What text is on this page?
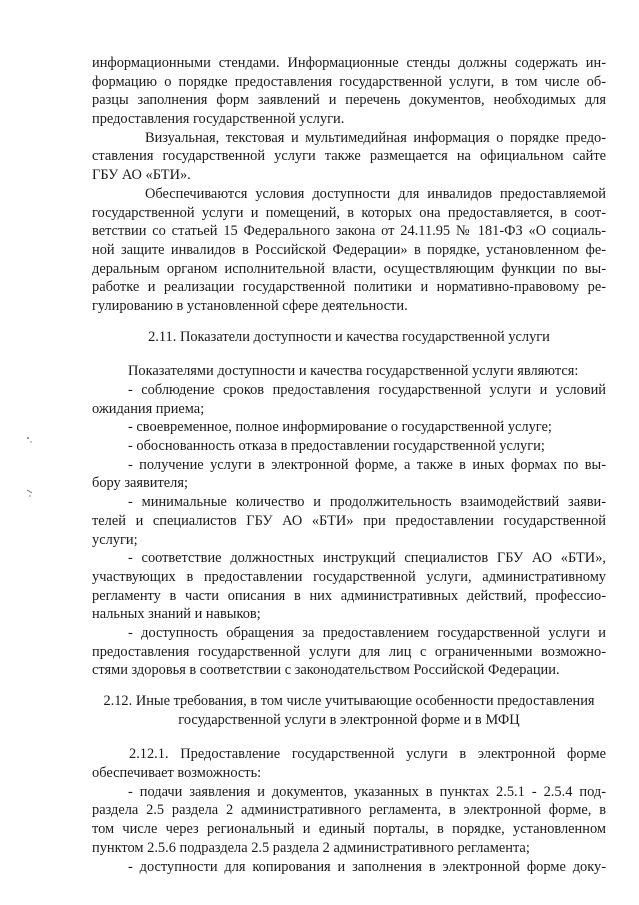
информационными стендами. Информационные стенды должны содержать ин-
формацию о порядке предоставления государственной услуги, в том числе об-
разцы заполнения форм заявлений и перечень документов, необходимых для
предоставления государственной услуги.
Визуальная, текстовая и мультимедийная информация о порядке предо-
ставления государственной услуги также размещается на официальном сайте
ГБУ АО «БТИ».
Обеспечиваются условия доступности для инвалидов предоставляемой
государственной услуги и помещений, в которых она предоставляется, в соот-
ветствии со статьей 15 Федерального закона от 24.11.95 № 181-ФЗ «О социаль-
ной защите инвалидов в Российской Федерации» в порядке, установленном фе-
деральным органом исполнительной власти, осуществляющим функции по вы-
работке и реализации государственной политики и нормативно-правовому ре-
гулированию в установленной сфере деятельности.
2.11. Показатели доступности и качества государственной услуги
Показателями доступности и качества государственной услуги являются:
- соблюдение сроков предоставления государственной услуги и условий
ожидания приема;
- своевременное, полное информирование о государственной услуге;
- обоснованность отказа в предоставлении государственной услуги;
- получение услуги в электронной форме, а также в иных формах по вы-
бору заявителя;
- минимальные количество и продолжительность взаимодействий заяви-
телей и специалистов ГБУ АО «БТИ» при предоставлении государственной
услуги;
- соответствие должностных инструкций специалистов ГБУ АО «БТИ»,
участвующих в предоставлении государственной услуги, административному
регламенту в части описания в них административных действий, профессио-
нальных знаний и навыков;
- доступность обращения за предоставлением государственной услуги и
предоставления государственной услуги для лиц с ограниченными возможно-
стями здоровья в соответствии с законодательством Российской Федерации.
2.12. Иные требования, в том числе учитывающие особенности предоставления
государственной услуги в электронной форме и в МФЦ
2.12.1. Предоставление государственной услуги в электронной форме
обеспечивает возможность:
- подачи заявления и документов, указанных в пунктах 2.5.1 - 2.5.4 под-
раздела 2.5 раздела 2 административного регламента, в электронной форме, в
том числе через региональный и единый порталы, в порядке, установленном
пунктом 2.5.6 подраздела 2.5 раздела 2 административного регламента;
- доступности для копирования и заполнения в электронной форме доку-
